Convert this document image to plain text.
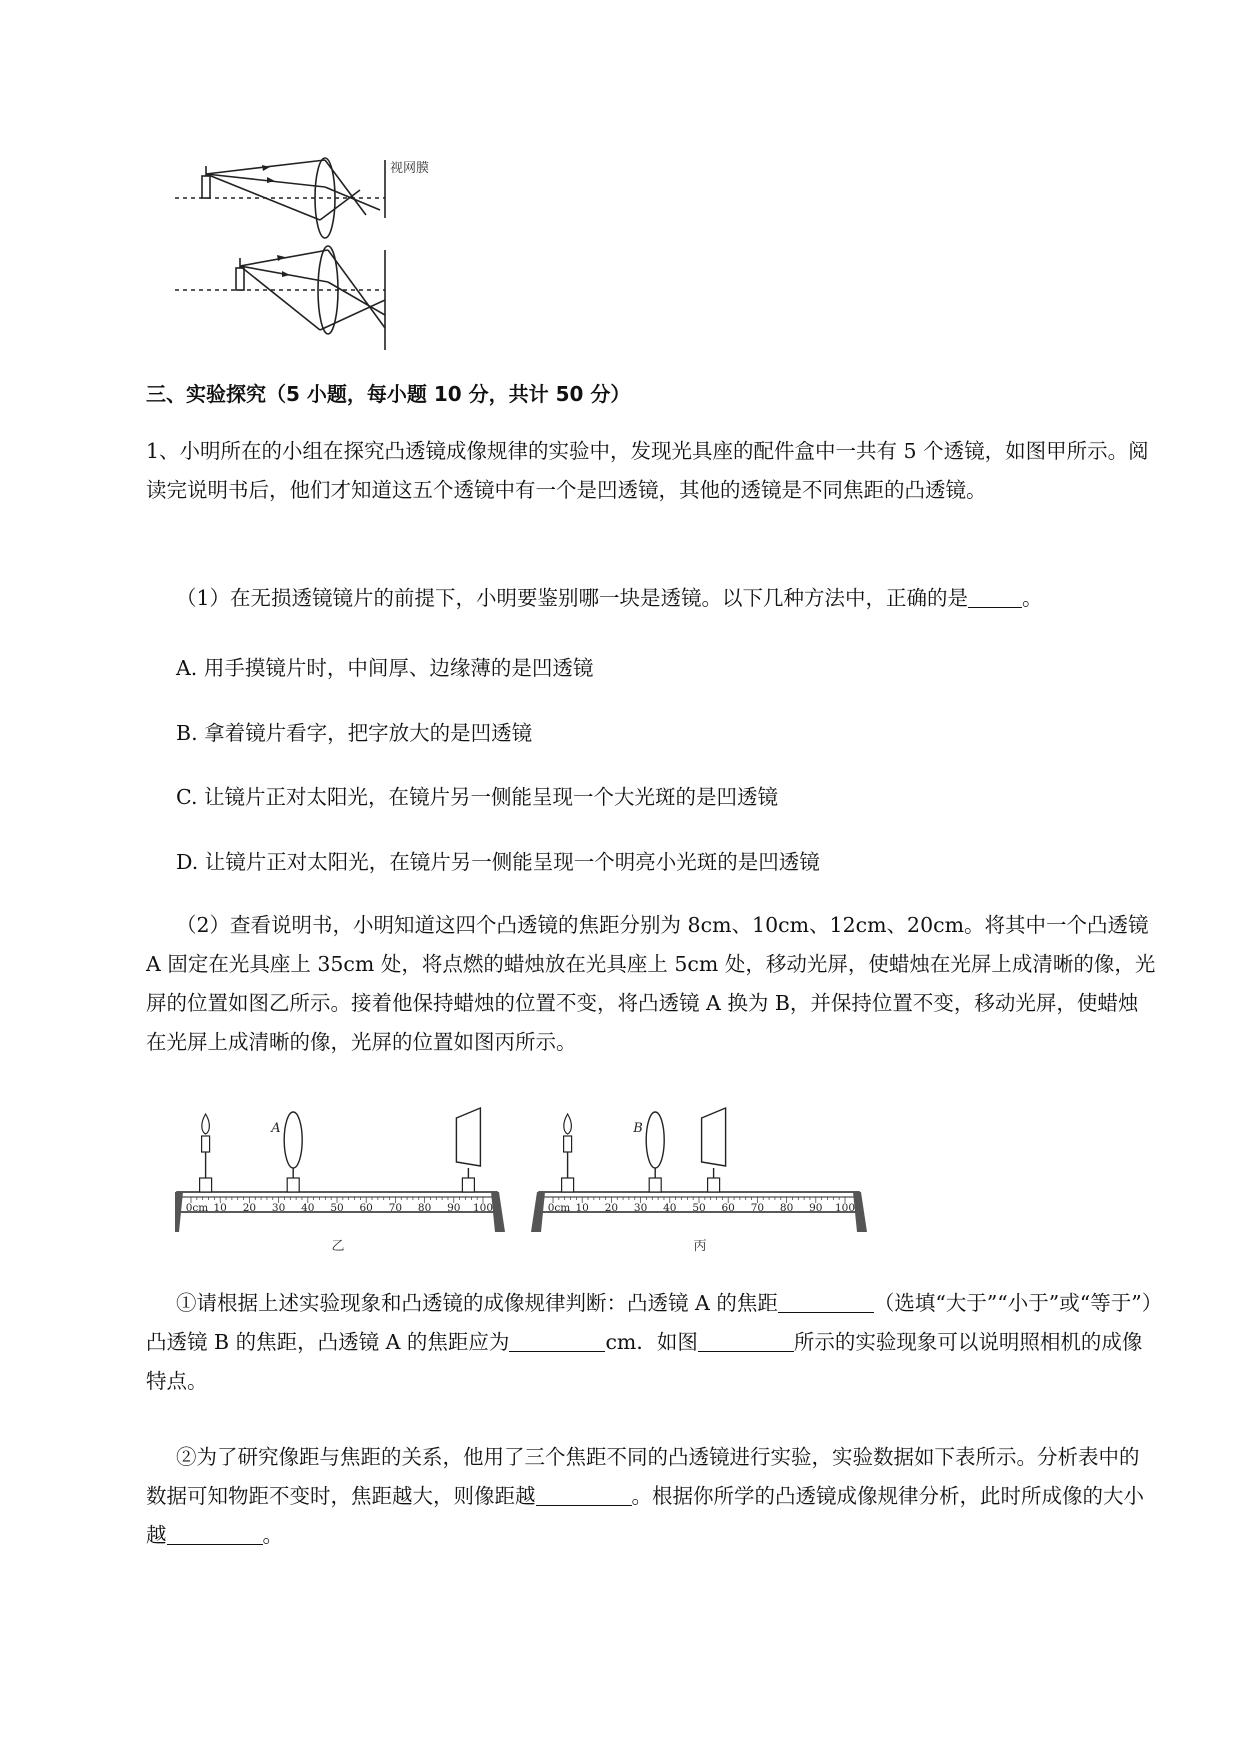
视网膜
三、实验探究（5 小题，每小题 10 分，共计 50 分）
1、小明所在的小组在探究凸透镜成像规律的实验中，发现光具座的配件盒中一共有 5 个透镜，如图甲所示。阅读完说明书后，他们才知道这五个透镜中有一个是凹透镜，其他的透镜是不同焦距的凸透镜。
（1）在无损透镜镜片的前提下，小明要鉴别哪一块是透镜。以下几种方法中，正确的是	。
A. 用手摸镜片时，中间厚、边缘薄的是凹透镜
B. 拿着镜片看字，把字放大的是凹透镜
C. 让镜片正对太阳光，在镜片另一侧能呈现一个大光斑的是凹透镜
D. 让镜片正对太阳光，在镜片另一侧能呈现一个明亮小光斑的是凹透镜
（2）查看说明书，小明知道这四个凸透镜的焦距分别为 8cm、10cm、12cm、20cm。将其中一个凸透镜 A 固定在光具座上 35cm 处，将点燃的蜡烛放在光具座上 5cm 处，移动光屏，使蜡烛在光屏上成清晰的像，光屏的位置如图乙所示。接着他保持蜡烛的位置不变，将凸透镜 A 换为 B，并保持位置不变，移动光屏，使蜡烛在光屏上成清晰的像，光屏的位置如图丙所示。
0cm 10 20 30 40 50 60 70 80 90 100
A
乙
0cm 10 20 30 40 50 60 70 80 90 100
B
丙
①请根据上述实验现象和凸透镜的成像规律判断：凸透镜 A 的焦距	（选填“大于”“小于”或“等于”）凸透镜 B 的焦距，凸透镜 A 的焦距应为	cm．如图	所示的实验现象可以说明照相机的成像特点。
②为了研究像距与焦距的关系，他用了三个焦距不同的凸透镜进行实验，实验数据如下表所示。分析表中的数据可知物距不变时，焦距越大，则像距越	。根据你所学的凸透镜成像规律分析，此时所成像的大小越	。
